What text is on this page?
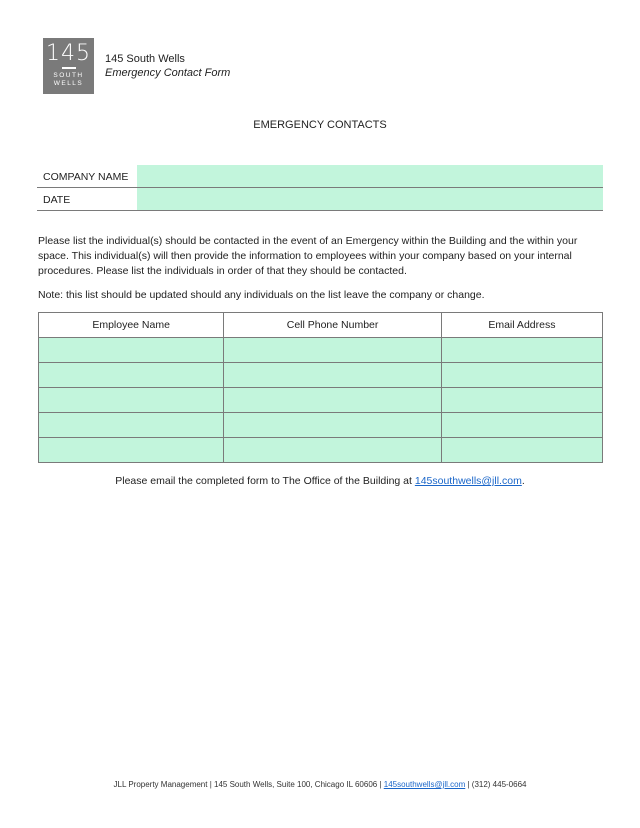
145
SOUTH
WELLS
145 South Wells
Emergency Contact Form
EMERGENCY CONTACTS
COMPANY NAME
DATE
Please list the individual(s) should be contacted in the event of an Emergency within the Building and the within your space. This individual(s) will then provide the information to employees within your company based on your internal procedures. Please list the individuals in order of that they should be contacted.
Note: this list should be updated should any individuals on the list leave the company or change.
Employee Name	Cell Phone Number	Email Address

Please email the completed form to The Office of the Building at 145southwells@jll.com.
JLL Property Management | 145 South Wells, Suite 100, Chicago IL 60606 | 145southwells@jll.com | (312) 445-0664
